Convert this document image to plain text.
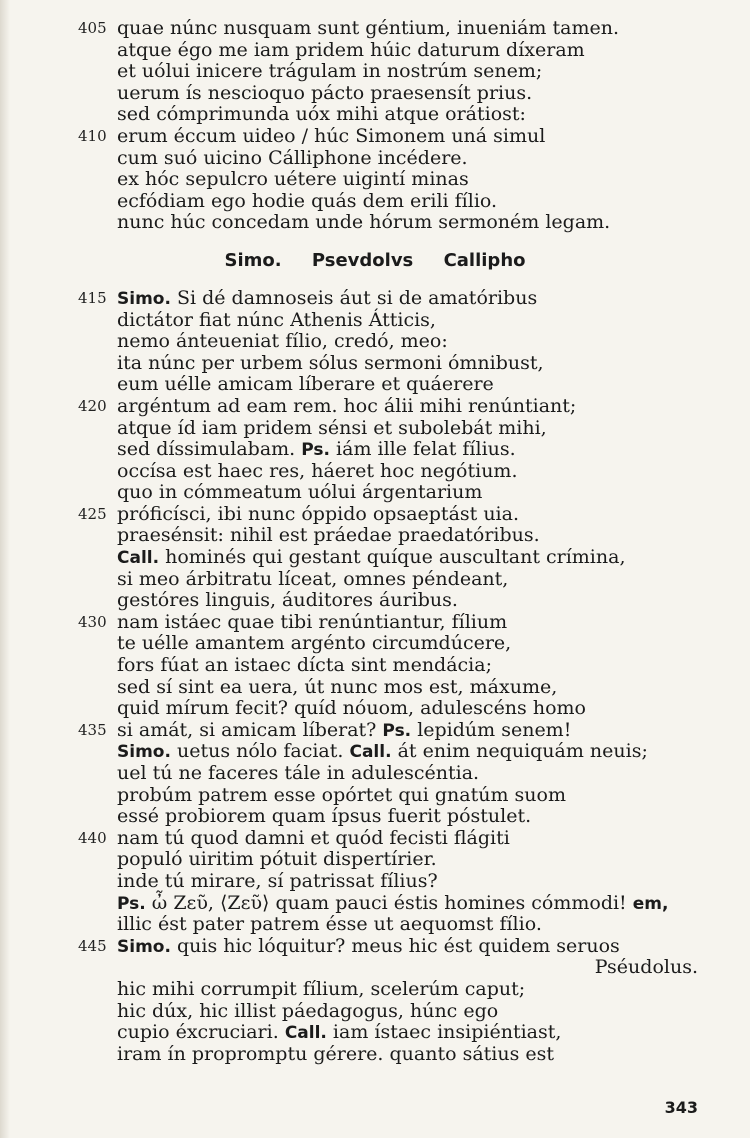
405 quae núnc nusquam sunt géntium, inueniám tamen.
atque égo me iam pridem húic daturum díxeram
et uólui inicere trágulam in nostrúm senem;
uerum ís nescioquo pácto praesensít prius.
sed cómprimunda uóx mihi atque orátiost:
410 erum éccum uideo / húc Simonem uná simul
cum suó uicino Cálliphone incédere.
ex hóc sepulcro uétere uigintí minas
ecfódiam ego hodie quás dem erili fílio.
nunc húc concedam unde hórum sermoném legam.
Simo. Psevdolvs Callipho
415 Simo. Si dé damnoseis áut si de amatóribus
dictátor fiat núnc Athenis Átticis,
nemo ánteueniat fílio, credó, meo:
ita núnc per urbem sólus sermoni ómnibust,
eum uélle amicam líberare et quáerere
420 argéntum ad eam rem. hoc álii mihi renúntiant;
atque íd iam pridem sénsi et subolebát mihi,
sed díssimulabam. Ps. iám ille felat fílius.
occísa est haec res, háeret hoc negótium.
quo in cómmeatum uólui árgentarium
425 próficísci, ibi nunc óppido opsaeptást uia.
praesénsit: nihil est práedae praedatóribus.
Call. hominés qui gestant quíque auscultant crímina,
si meo árbitratu líceat, omnes péndeant,
gestóres linguis, áuditores áuribus.
430 nam istáec quae tibi renúntiantur, fílium
te uélle amantem argénto circumdúcere,
fors fúat an istaec dícta sint mendácia;
sed sí sint ea uera, út nunc mos est, máxume,
quid mírum fecit? quíd nóuom, adulescéns homo
435 si amát, si amicam líberat? Ps. lepidúm senem!
Simo. uetus nólo faciat. Call. át enim nequiquám neuis;
uel tú ne faceres tále in adulescéntia.
probúm patrem esse opórtet qui gnatúm suom
essé probiorem quam ípsus fuerit póstulet.
440 nam tú quod damni et quód fecisti flágiti
populó uiritim pótuit dispertírier.
inde tú mirare, sí patrissat fílius?
Ps. ὦ Ζεῦ, ⟨Ζεῦ⟩ quam pauci éstis homines cómmodi! em,
illic ést pater patrem ésse ut aequomst fílio.
445 Simo. quis hic lóquitur? meus hic ést quidem seruos
Pséudolus.
hic mihi corrumpit fílium, scelerúm caput;
hic dúx, hic illist páedagogus, húnc ego
cupio éxcruciari. Call. iam ístaec insipiéntiast,
iram ín propromptu gérere. quanto sátius est
343
